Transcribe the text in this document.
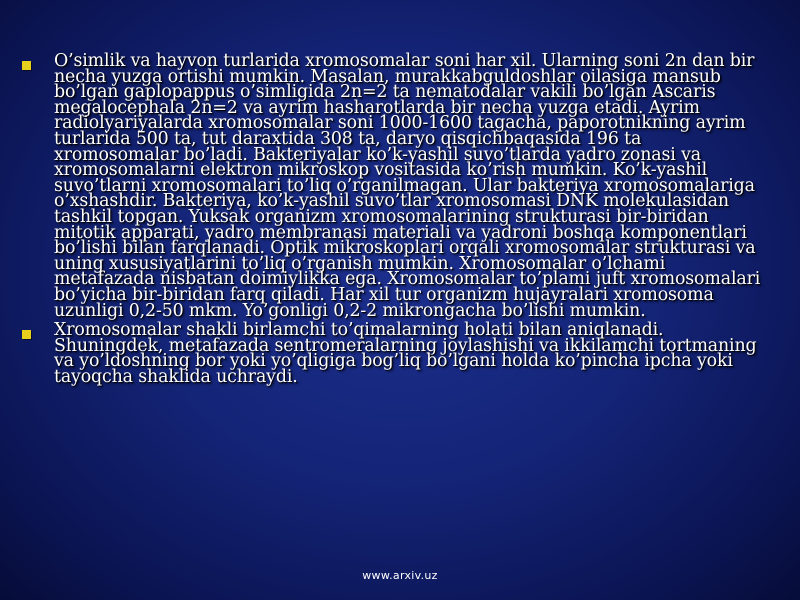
O’simlik va hayvon turlarida xromosomalar soni har xil. Ularning soni 2n dan bir necha yuzga ortishi mumkin. Masalan, murakkabguldoshlar oilasiga mansub bo’lgan gaplopappus o’simligida 2n=2 ta nematodalar vakili bo’lgan Ascaris megalocephala 2n=2 va ayrim hasharotlarda bir necha yuzga etadi. Ayrim radiolyariyalarda xromosomalar soni 1000-1600 tagacha, paporotnikning ayrim turlarida 500 ta, tut daraxtida 308 ta, daryo qisqichbaqasida 196 ta xromosomalar bo’ladi. Bakteriyalar ko’k-yashil suvo’tlarda yadro zonasi va xromosomalarni elektron mikroskop vositasida ko’rish mumkin. Ko’k-yashil suvo’tlarni xromosomalari to’liq o’rganilmagan. Ular bakteriya xromosomalariga o’xshashdir. Bakteriya, ko’k-yashil suvo’tlar xromosomasi DNK molekulasidan tashkil topgan. Yuksak organizm xromosomalarining strukturasi bir-biridan mitotik apparati, yadro membranasi materiali va yadroni boshqa komponentlari bo’lishi bilan farqlanadi. Optik mikroskoplari orqali xromosomalar strukturasi va uning xususiyatlarini to’liq o’rganish mumkin. Xromosomalar o’lchami metafazada nisbatan doimiylikka ega. Xromosomalar to’plami juft xromosomalari bo’yicha bir-biridan farq qiladi. Har xil tur organizm hujayralari xromosoma uzunligi 0,2-50 mkm. Yo’gonligi 0,2-2 mikrongacha bo’lishi mumkin.
Xromosomalar shakli birlamchi to’qimalarning holati bilan aniqlanadi. Shuningdek, metafazada sentromeralarning joylashishi va ikkilamchi tortmaning va yo’ldoshning bor yoki yo’qligiga bog’liq bo’lgani holda ko’pincha ipcha yoki tayoqcha shaklida uchraydi.
www.arxiv.uz
